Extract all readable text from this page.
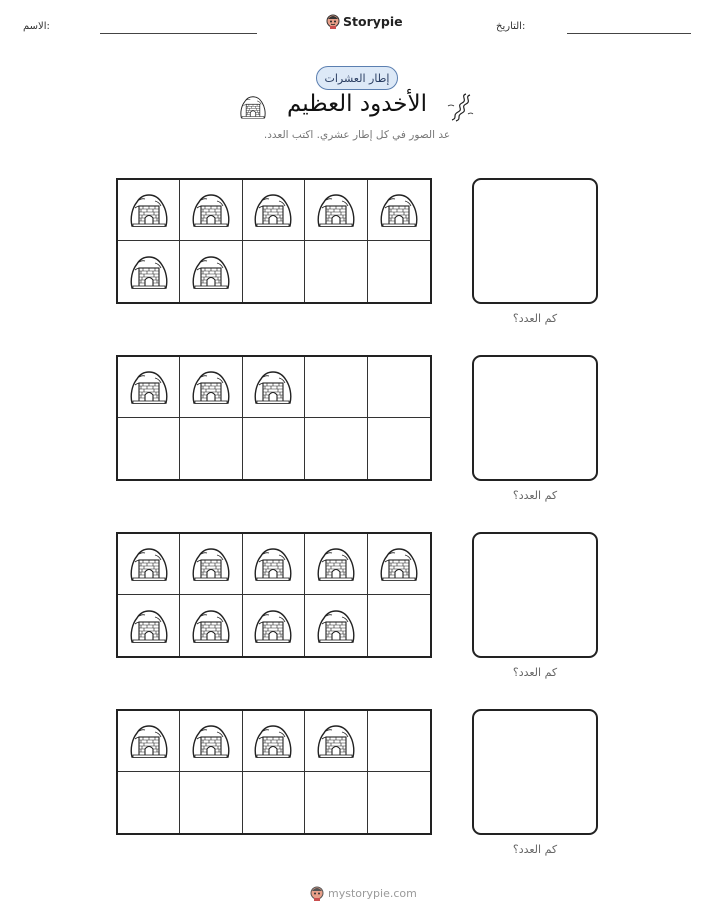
الاسم:	Storypie	التاريخ:
إطار العشرات
الأخدود العظيم
عد الصور في كل إطار عشري. اكتب العدد.
كم العدد؟
كم العدد؟
كم العدد؟
كم العدد؟
mystorypie.com
